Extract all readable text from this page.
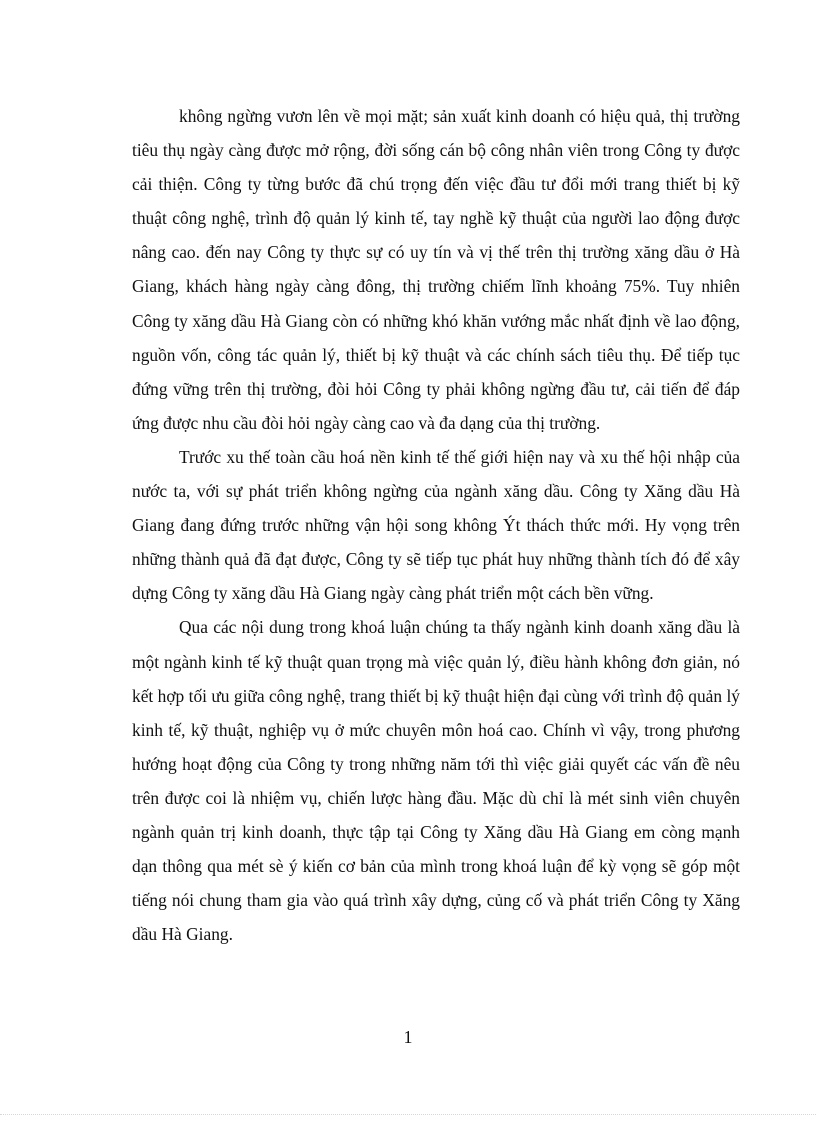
không ngừng vươn lên về mọi mặt; sản xuất kinh doanh có hiệu quả, thị trường tiêu thụ ngày càng được mở rộng, đời sống cán bộ công nhân viên trong Công ty được cải thiện. Công ty từng bước đã chú trọng đến việc đầu tư đổi mới trang thiết bị kỹ thuật công nghệ, trình độ quản lý kinh tế, tay nghề kỹ thuật của người lao động được nâng cao. đến nay Công ty thực sự có uy tín và vị thế trên thị trường xăng dầu ở Hà Giang, khách hàng ngày càng đông, thị trường chiếm lĩnh khoảng 75%. Tuy nhiên Công ty xăng dầu Hà Giang còn có những khó khăn vướng mắc nhất định về lao động, nguồn vốn, công tác quản lý, thiết bị kỹ thuật và các chính sách tiêu thụ. Để tiếp tục đứng vững trên thị trường, đòi hỏi Công ty phải không ngừng đầu tư, cải tiến để đáp ứng được nhu cầu đòi hỏi ngày càng cao và đa dạng của thị trường.

Trước xu thế toàn cầu hoá nền kinh tế thế giới hiện nay và xu thế hội nhập của nước ta, với sự phát triển không ngừng của ngành xăng dầu. Công ty Xăng dầu Hà Giang đang đứng trước những vận hội song không Ýt thách thức mới. Hy vọng trên những thành quả đã đạt được, Công ty sẽ tiếp tục phát huy những thành tích đó để xây dựng Công ty xăng dầu Hà Giang ngày càng phát triển một cách bền vững.

Qua các nội dung trong khoá luận chúng ta thấy ngành kinh doanh xăng dầu là một ngành kinh tế kỹ thuật quan trọng mà việc quản lý, điều hành không đơn giản, nó kết hợp tối ưu giữa công nghệ, trang thiết bị kỹ thuật hiện đại cùng với trình độ quản lý kinh tế, kỹ thuật, nghiệp vụ ở mức chuyên môn hoá cao. Chính vì vậy, trong phương hướng hoạt động của Công ty trong những năm tới thì việc giải quyết các vấn đề nêu trên được coi là nhiệm vụ, chiến lược hàng đầu. Mặc dù chỉ là mét sinh viên chuyên ngành quản trị kinh doanh, thực tập tại Công ty Xăng dầu Hà Giang em còng mạnh dạn thông qua mét sè ý kiến cơ bản của mình trong khoá luận để kỳ vọng sẽ góp một tiếng nói chung tham gia vào quá trình xây dựng, củng cố và phát triển Công ty Xăng dầu Hà Giang.

1
